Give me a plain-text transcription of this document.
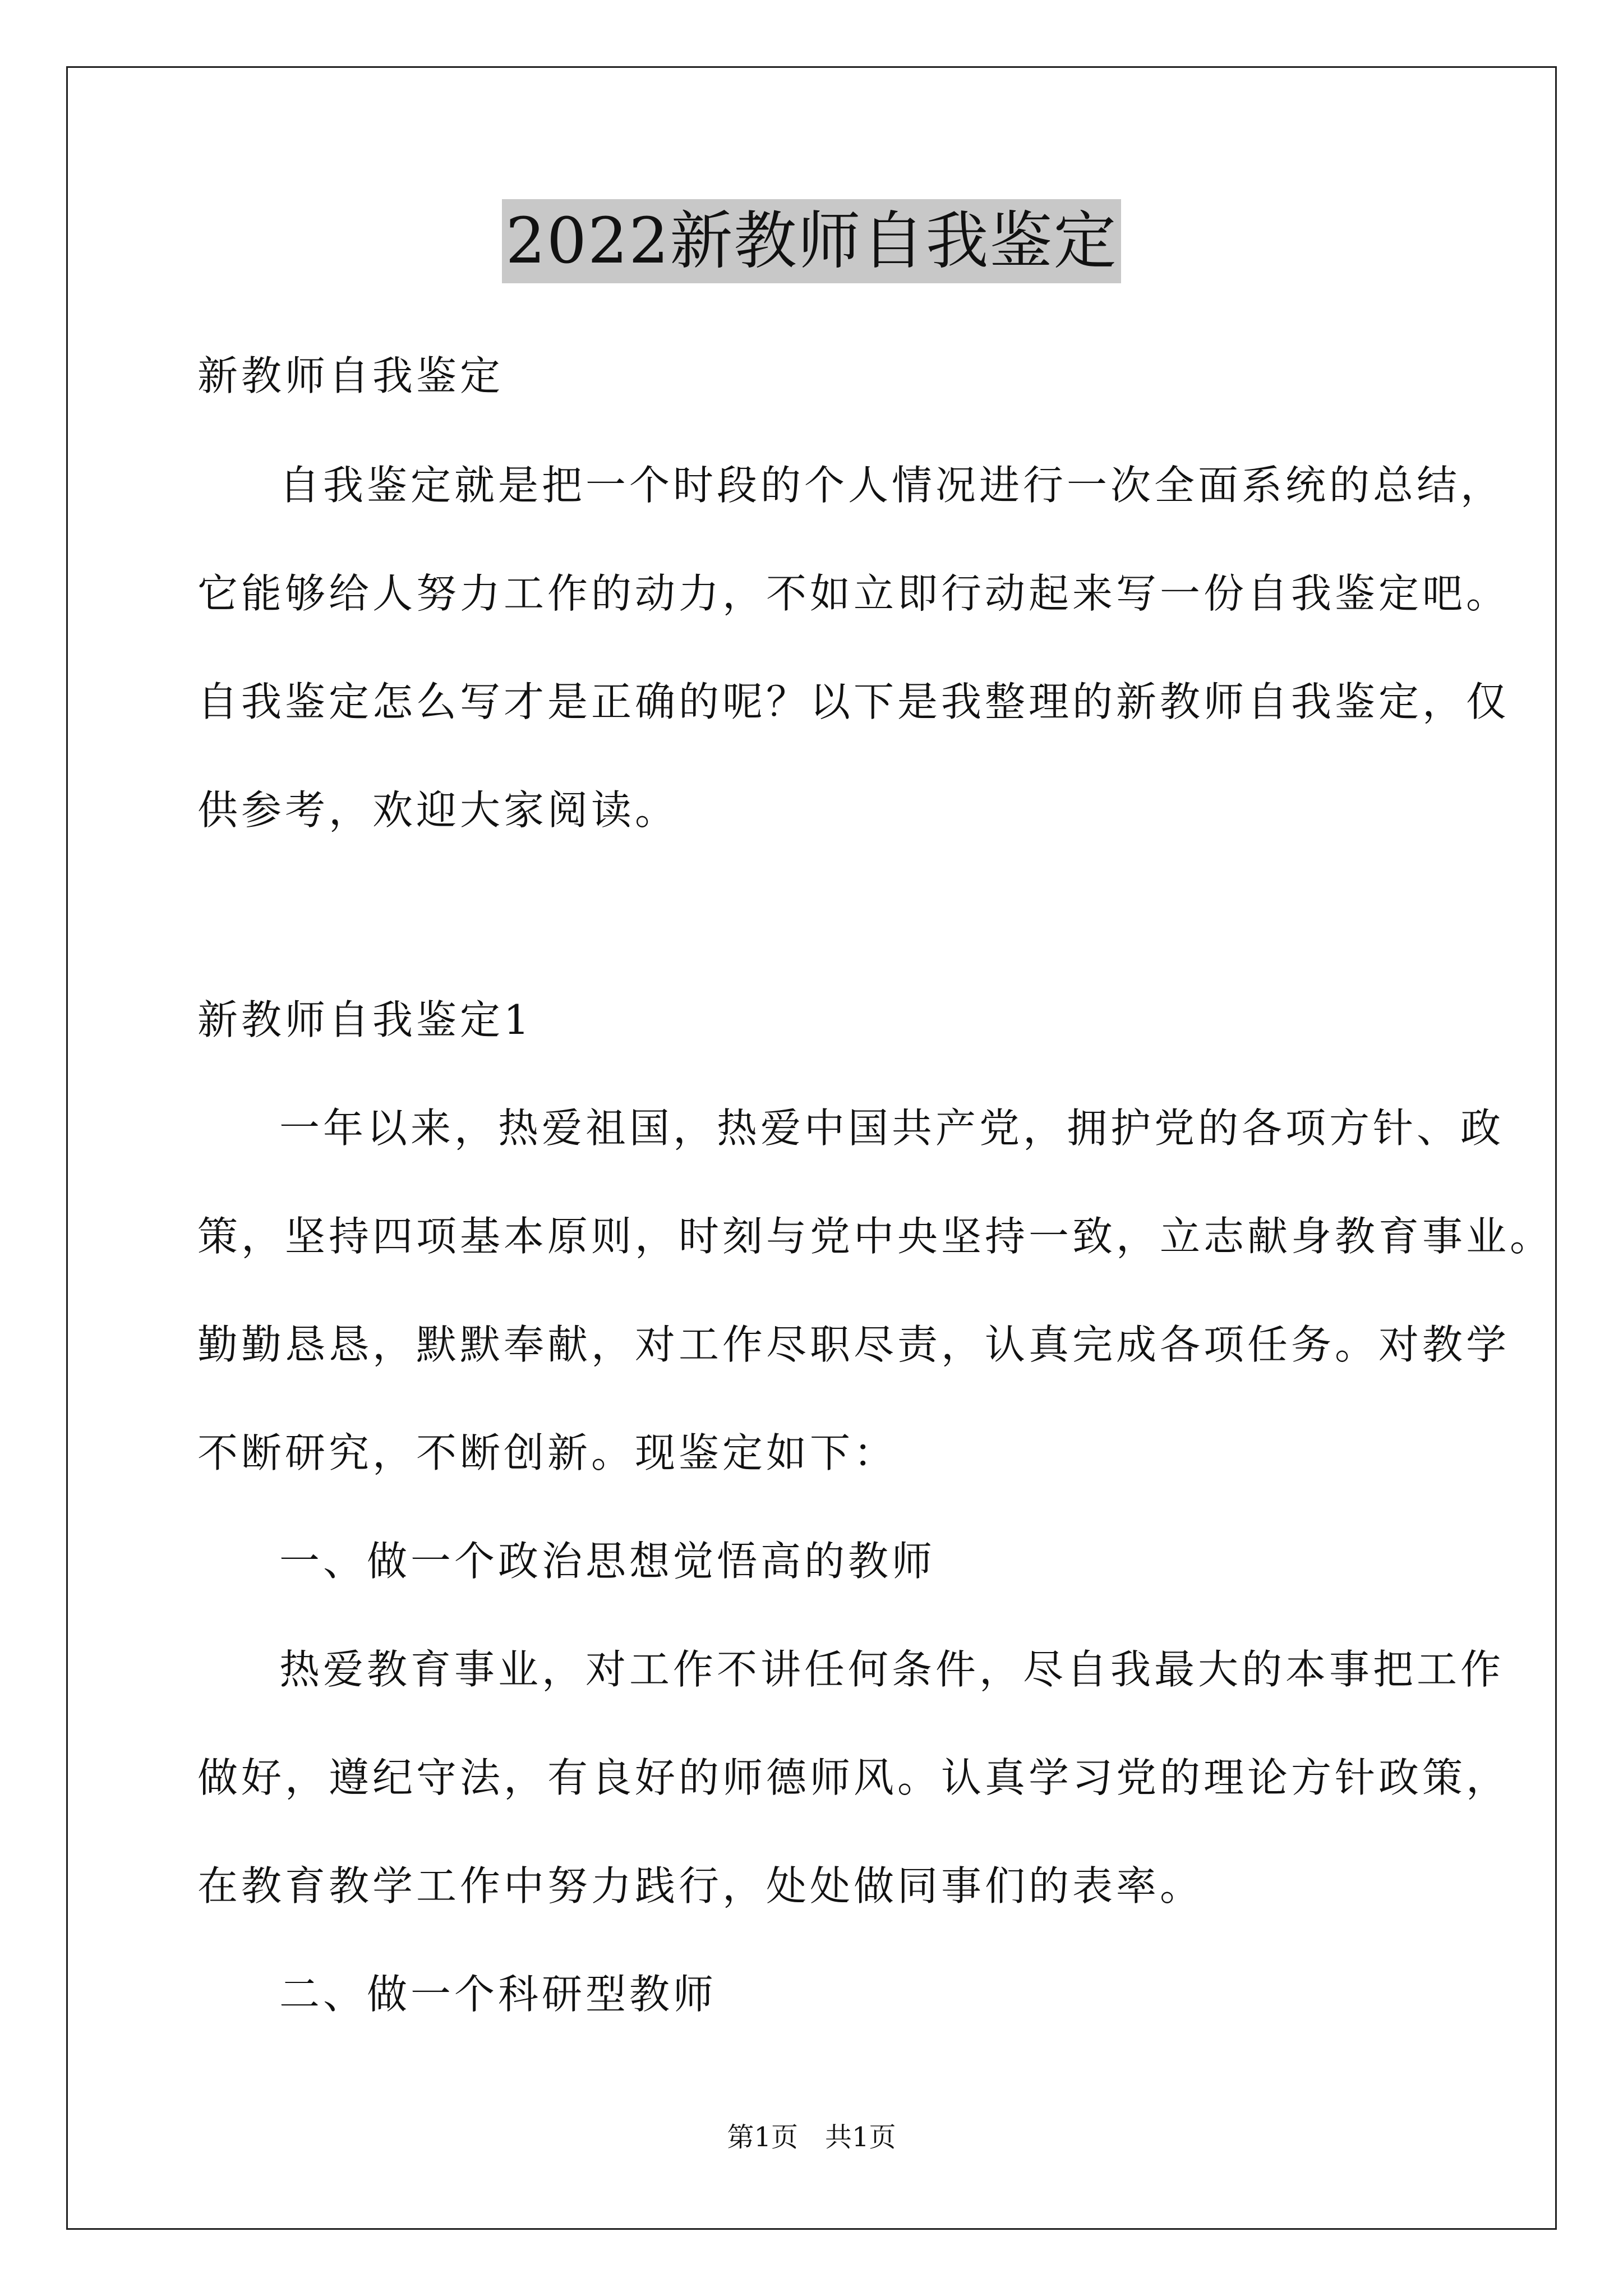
2022新教师自我鉴定
新教师自我鉴定
自我鉴定就是把一个时段的个人情况进行一次全面系统的总结，
它能够给人努力工作的动力，不如立即行动起来写一份自我鉴定吧。
自我鉴定怎么写才是正确的呢？以下是我整理的新教师自我鉴定，仅
供参考，欢迎大家阅读。
新教师自我鉴定1
一年以来，热爱祖国，热爱中国共产党，拥护党的各项方针、政
策，坚持四项基本原则，时刻与党中央坚持一致，立志献身教育事业。
勤勤恳恳，默默奉献，对工作尽职尽责，认真完成各项任务。对教学
不断研究，不断创新。现鉴定如下：
一、做一个政治思想觉悟高的教师
热爱教育事业，对工作不讲任何条件，尽自我最大的本事把工作
做好，遵纪守法，有良好的师德师风。认真学习党的理论方针政策，
在教育教学工作中努力践行，处处做同事们的表率。
二、做一个科研型教师
第1页　共1页
